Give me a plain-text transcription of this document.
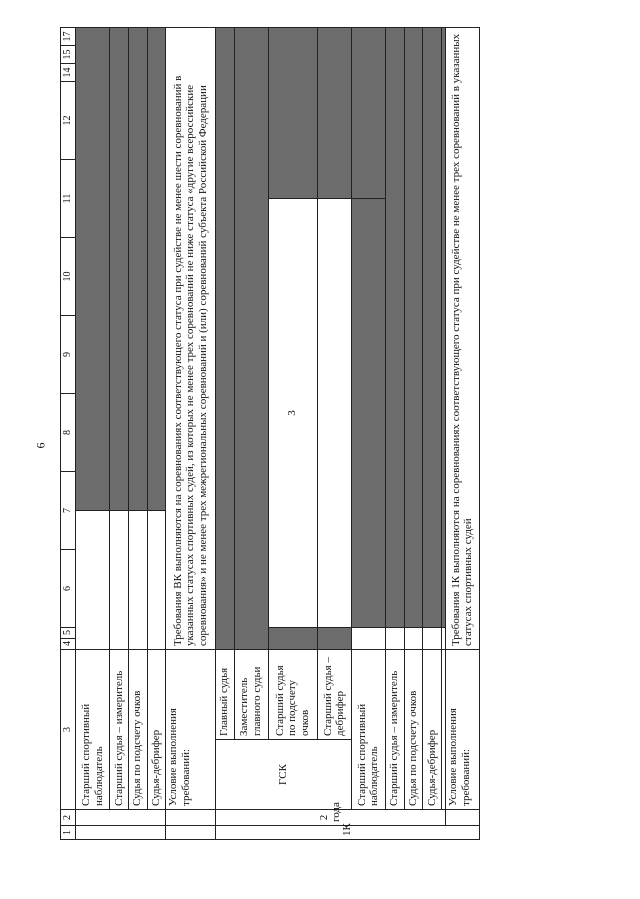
6
1	2	3		4	5	6	7		8	9	10	11		12	14	15	17
		Старший спортивный наблюдатель															
		Старший судья – измеритель															
		Судья по подсчету очков															
		Судья-дебрифер															
		Условие выполнения требований:		Требования ВК выполняются на соревнованиях соответствующего статуса при судействе не менее шести соревнований в указанных статусах спортивных судей, из которых не менее трех соревнований не ниже статуса «другие всероссийские соревнования» и не менее трех межрегиональных соревнований и (или) соревнований субъекта Российской Федерации													
1К	2 года	ГСК	Главный судья														
			Заместитель главного судьи														
			Старший судья по подсчету очков			3											
			Старший судья – дебрифер														
		Старший спортивный наблюдатель															
		Старший судья – измеритель															
		Судья по подсчету очков															
		Судья-дебрифер															

		Условие выполнения требований:		Требования 1К выполняются на соревнованиях соответствующего статуса при судействе не менее трех соревнований в указанных статусах спортивных судей													
